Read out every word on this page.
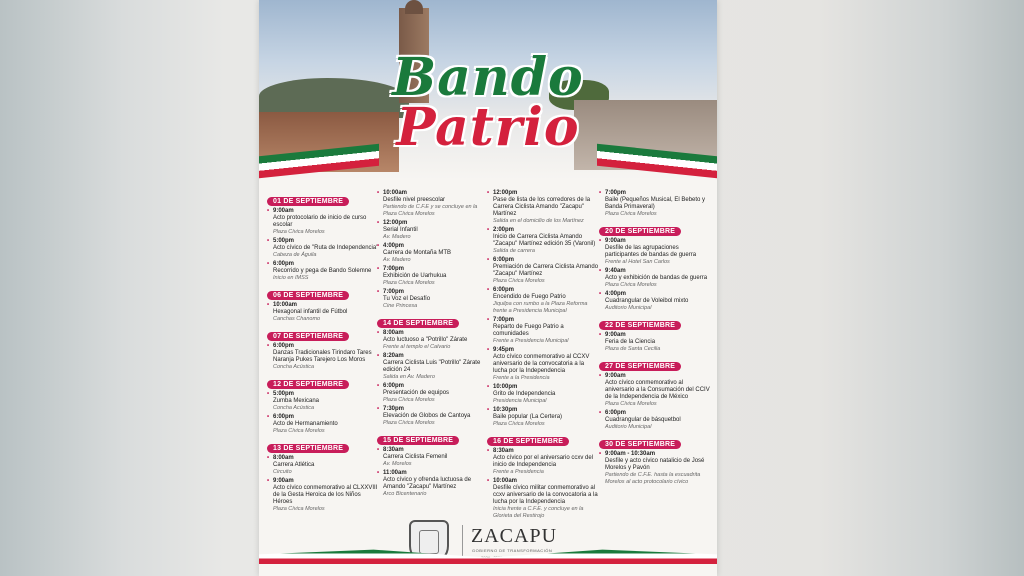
Bando
Patrio
01 DE SEPTIEMBRE
• 9:00am
Acto protocolario de inicio de curso escolar
Plaza Cívica Morelos
• 5:00pm
Acto cívico de "Ruta de Independencia"
Cabeza de Águila
• 6:00pm
Recorrido y pega de Bando Solemne
Inicio en IMSS
06 DE SEPTIEMBRE
• 10:00am
Hexagonal infantil de Fútbol
Canchas Chanomo
07 DE SEPTIEMBRE
• 6:00pm
Danzas Tradicionales Tirindaro Tares Naranja Pukes Tarejero Los Moros
Concha Acústica
12 DE SEPTIEMBRE
• 5:00pm
Zumba Mexicana
Concha Acústica
• 6:00pm
Acto de Hermanamiento
Plaza Cívica Morelos
13 DE SEPTIEMBRE
• 8:00am
Carrera Atlética
Circuito
• 9:00am
Acto cívico conmemorativo al CLXXVIII de la Gesta Heroica de los Niños Héroes
Plaza Cívica Morelos
• 10:00am
Desfile nivel preescolar
Partiendo de C.F.E y se concluye en la Plaza Cívica Morelos
• 12:00pm
Serial Infantil
Av. Madero
• 4:00pm
Carrera de Montaña MTB
Av. Madero
• 7:00pm
Exhibición de Uarhukua
Plaza Cívica Morelos
• 7:00pm
Tu Voz el Desafío
Cine Princesa
14 DE SEPTIEMBRE
• 8:00am
Acto luctuoso a "Potrillo" Zárate
Frente al templo el Calvario
• 8:20am
Carrera Ciclista Luis "Potrillo" Zárate edición 24
Salida en Av. Madero
• 6:00pm
Presentación de equipos
Plaza Cívica Morelos
• 7:30pm
Elevación de Globos de Cantoya
Plaza Cívica Morelos
15 DE SEPTIEMBRE
• 8:30am
Carrera Ciclista Femenil
Av. Morelos
• 11:00am
Acto cívico y ofrenda luctuosa de Amando "Zacapu" Martínez
Arco Bicentenario
• 12:00pm
Pase de lista de los corredores de la Carrera Ciclista Amando "Zacapu" Martínez
Salida en el domicilio de los Martínez
• 2:00pm
Inicio de Carrera Ciclista Amando "Zacapu" Martínez edición 35 (Varonil)
Salida de carrera
• 6:00pm
Premiación de Carrera Ciclista Amando "Zacapu" Martínez
Plaza Cívica Morelos
• 6:00pm
Encendido de Fuego Patrio
Jiquilpa con rumbo a la Plaza Reforma frente a Presidencia Municipal
• 7:00pm
Reparto de Fuego Patrio a comunidades
Frente a Presidencia Municipal
• 9:45pm
Acto cívico conmemorativo al CCXV aniversario de la convocatoria a la lucha por la Independencia
Frente a la Presidencia
• 10:00pm
Grito de Independencia
Presidencia Municipal
• 10:30pm
Baile popular (La Certera)
Plaza Cívica Morelos
16 DE SEPTIEMBRE
• 8:30am
Acto cívico por el aniversario ccxv del inicio de Independencia
Frente a Presidencia
• 10:00am
Desfile cívico militar conmemorativo al ccxv aniversario de la convocatoria a la lucha por la Independencia
Inicia frente a C.F.E. y concluye en la Glorieta del Restirojo
• 7:00pm
Baile (Pequeños Musical, El Bebeto y Banda Primaveral)
Plaza Cívica Morelos
20 DE SEPTIEMBRE
• 9:00am
Desfile de las agrupaciones participantes de bandas de guerra
Frente al Hotel San Carlos
• 9:40am
Acto y exhibición de bandas de guerra
Plaza Cívica Morelos
• 4:00pm
Cuadrangular de Voleibol mixto
Auditorio Municipal
22 DE SEPTIEMBRE
• 9:00am
Feria de la Ciencia
Plaza de Santa Cecilia
27 DE SEPTIEMBRE
• 9:00am
Acto cívico conmemorativo al aniversario a la Consumación del CCIV de la Independencia de México
Plaza Cívica Morelos
• 6:00pm
Cuadrangular de básquetbol
Auditorio Municipal
30 DE SEPTIEMBRE
• 9:00am - 10:30am
Desfile y acto cívico natalicio de José Morelos y Pavón
Partiendo de C.F.E. hasta la escuadrita Morelos al acto protocolario cívico
ZACAPU
GOBIERNO DE TRANSFORMACIÓN
